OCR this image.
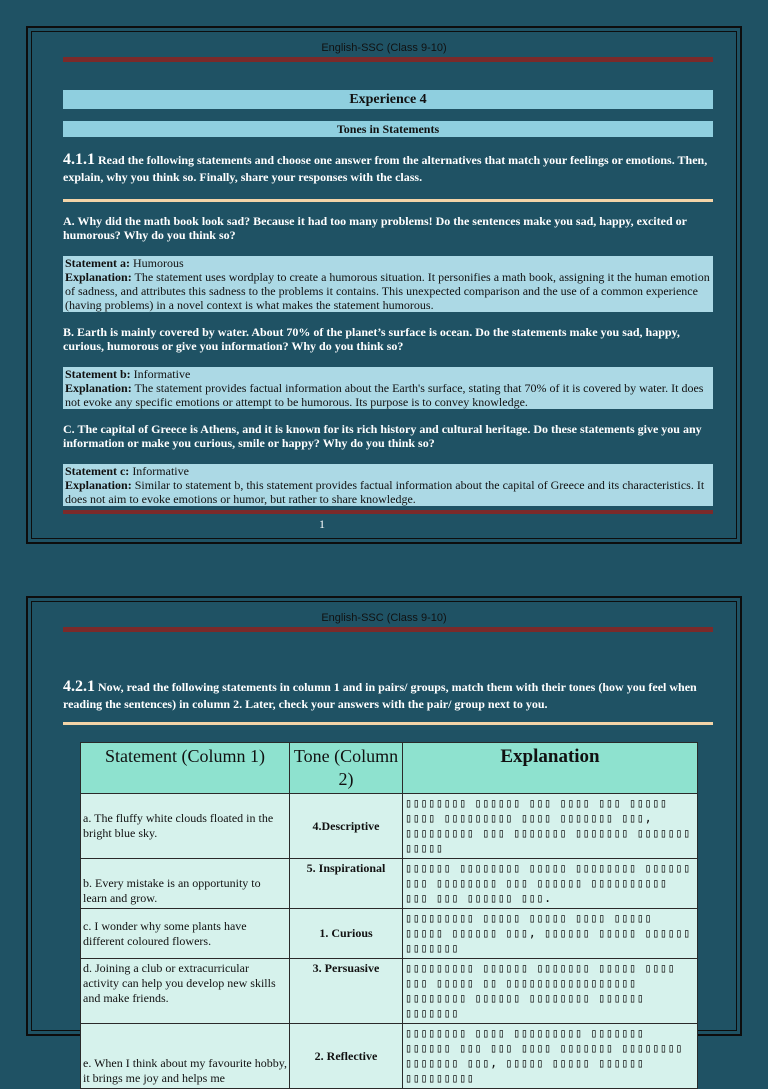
English-SSC (Class 9-10)
Experience 4
Tones in Statements
4.1.1 Read the following statements and choose one answer from the alternatives that match your feelings or emotions. Then, explain, why you think so. Finally, share your responses with the class.
A. Why did the math book look sad? Because it had too many problems! Do the sentences make you sad, happy, excited or humorous? Why do you think so?
Statement a: Humorous
Explanation: The statement uses wordplay to create a humorous situation. It personifies a math book, assigning it the human emotion of sadness, and attributes this sadness to the problems it contains. This unexpected comparison and the use of a common experience (having problems) in a novel context is what makes the statement humorous.
B. Earth is mainly covered by water. About 70% of the planet’s surface is ocean. Do the statements make you sad, happy, curious, humorous or give you information? Why do you think so?
Statement b: Informative
Explanation: The statement provides factual information about the Earth's surface, stating that 70% of it is covered by water. It does not evoke any specific emotions or attempt to be humorous. Its purpose is to convey knowledge.
C. The capital of Greece is Athens, and it is known for its rich history and cultural heritage. Do these statements give you any information or make you curious, smile or happy? Why do you think so?
Statement c: Informative
Explanation: Similar to statement b, this statement provides factual information about the capital of Greece and its characteristics. It does not aim to evoke emotions or humor, but rather to share knowledge.
1
English-SSC (Class 9-10)
4.2.1 Now, read the following statements in column 1 and in pairs/ groups, match them with their tones (how you feel when reading the sentences) in column 2. Later, check your answers with the pair/ group next to you.
Statement (Column 1)	Tone (Column 2)	Explanation
a. The fluffy white clouds floated in the bright blue sky.	4.Descriptive	▯▯▯▯▯▯▯▯ ▯▯▯▯▯▯ ▯▯▯ ▯▯▯▯ ▯▯▯ ▯▯▯▯▯ ▯▯▯▯ ▯▯▯▯▯▯▯▯▯ ▯▯▯▯ ▯▯▯▯▯▯▯ ▯▯▯, ▯▯▯▯▯▯▯▯▯ ▯▯▯ ▯▯▯▯▯▯▯ ▯▯▯▯▯▯▯ ▯▯▯▯▯▯▯ ▯▯▯▯▯
b. Every mistake is an opportunity to learn and grow.	5. Inspirational	▯▯▯▯▯▯ ▯▯▯▯▯▯▯▯ ▯▯▯▯▯ ▯▯▯▯▯▯▯▯ ▯▯▯▯▯▯ ▯▯▯ ▯▯▯▯▯▯▯▯ ▯▯▯ ▯▯▯▯▯▯ ▯▯▯▯▯▯▯▯▯▯ ▯▯▯ ▯▯▯ ▯▯▯▯▯▯ ▯▯▯.
c. I wonder why some plants have different coloured flowers.	1. Curious	▯▯▯▯▯▯▯▯▯ ▯▯▯▯▯ ▯▯▯▯▯ ▯▯▯▯ ▯▯▯▯▯ ▯▯▯▯▯ ▯▯▯▯▯▯ ▯▯▯, ▯▯▯▯▯▯ ▯▯▯▯▯ ▯▯▯▯▯▯ ▯▯▯▯▯▯▯
d. Joining a club or extracurricular activity can help you develop new skills and make friends.	3. Persuasive	▯▯▯▯▯▯▯▯▯ ▯▯▯▯▯▯ ▯▯▯▯▯▯▯ ▯▯▯▯▯ ▯▯▯▯ ▯▯▯ ▯▯▯▯▯ ▯▯ ▯▯▯▯▯▯▯▯▯▯▯▯▯▯▯▯▯ ▯▯▯▯▯▯▯▯ ▯▯▯▯▯▯ ▯▯▯▯▯▯▯▯ ▯▯▯▯▯▯ ▯▯▯▯▯▯▯
e. When I think about my favourite hobby, it brings me joy and helps me	2. Reflective	▯▯▯▯▯▯▯▯ ▯▯▯▯ ▯▯▯▯▯▯▯▯▯ ▯▯▯▯▯▯▯ ▯▯▯▯▯▯ ▯▯▯ ▯▯▯ ▯▯▯▯ ▯▯▯▯▯▯▯ ▯▯▯▯▯▯▯▯ ▯▯▯▯▯▯▯ ▯▯▯, ▯▯▯▯▯ ▯▯▯▯▯ ▯▯▯▯▯▯ ▯▯▯▯▯▯▯▯▯
